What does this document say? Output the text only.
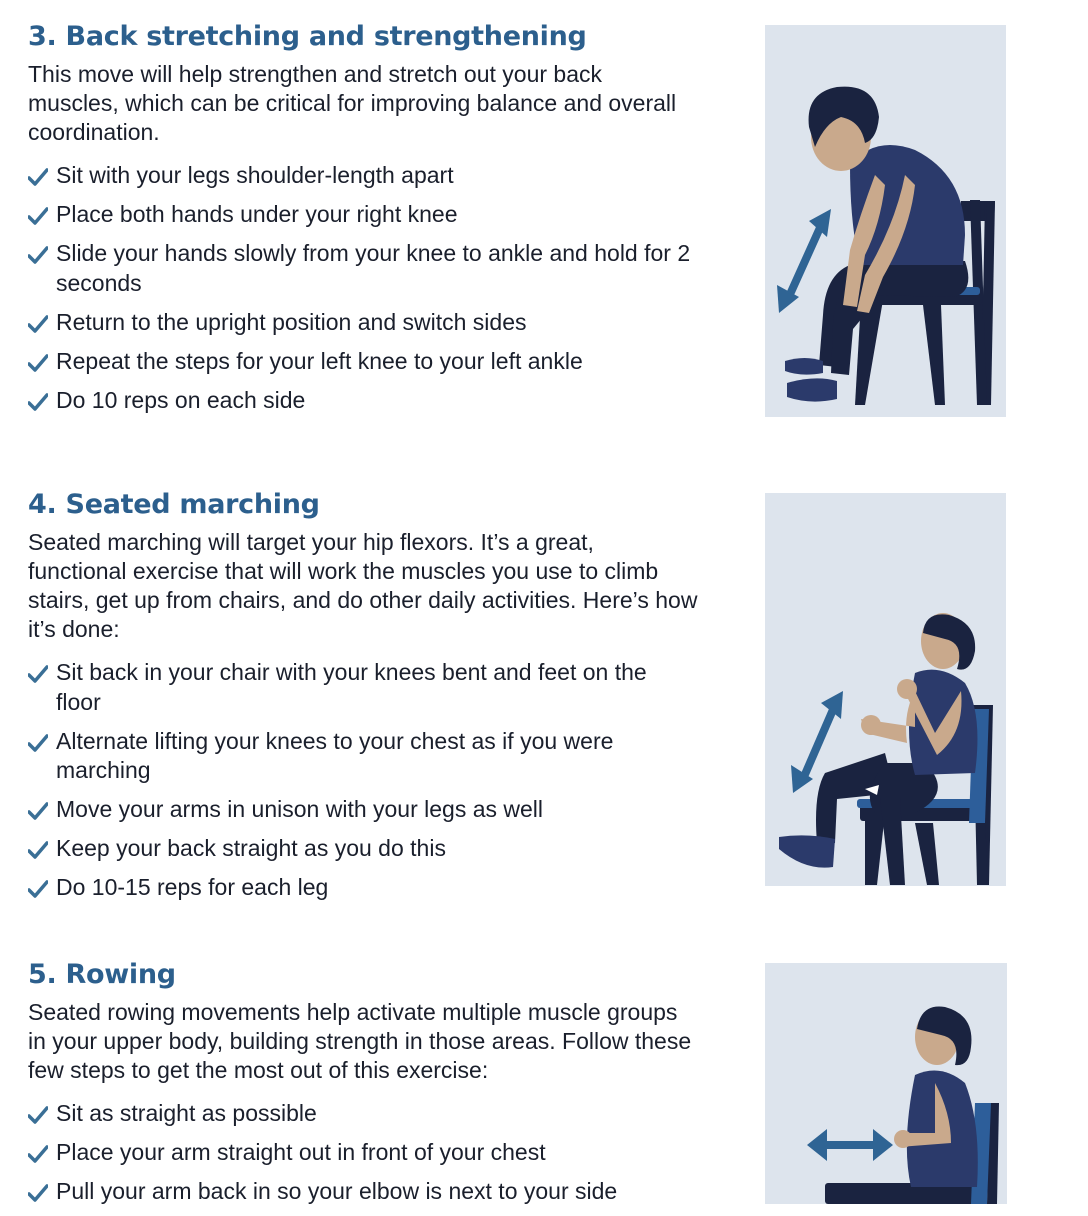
3. Back stretching and strengthening

This move will help strengthen and stretch out your back muscles, which can be critical for improving balance and overall coordination.

Sit with your legs shoulder-length apart
Place both hands under your right knee
Slide your hands slowly from your knee to ankle and hold for 2 seconds
Return to the upright position and switch sides
Repeat the steps for your left knee to your left ankle
Do 10 reps on each side
4. Seated marching

Seated marching will target your hip flexors. It’s a great, functional exercise that will work the muscles you use to climb stairs, get up from chairs, and do other daily activities. Here’s how it’s done:

Sit back in your chair with your knees bent and feet on the floor
Alternate lifting your knees to your chest as if you were marching
Move your arms in unison with your legs as well
Keep your back straight as you do this
Do 10-15 reps for each leg
5. Rowing

Seated rowing movements help activate multiple muscle groups in your upper body, building strength in those areas. Follow these few steps to get the most out of this exercise:

Sit as straight as possible
Place your arm straight out in front of your chest
Pull your arm back in so your elbow is next to your side
